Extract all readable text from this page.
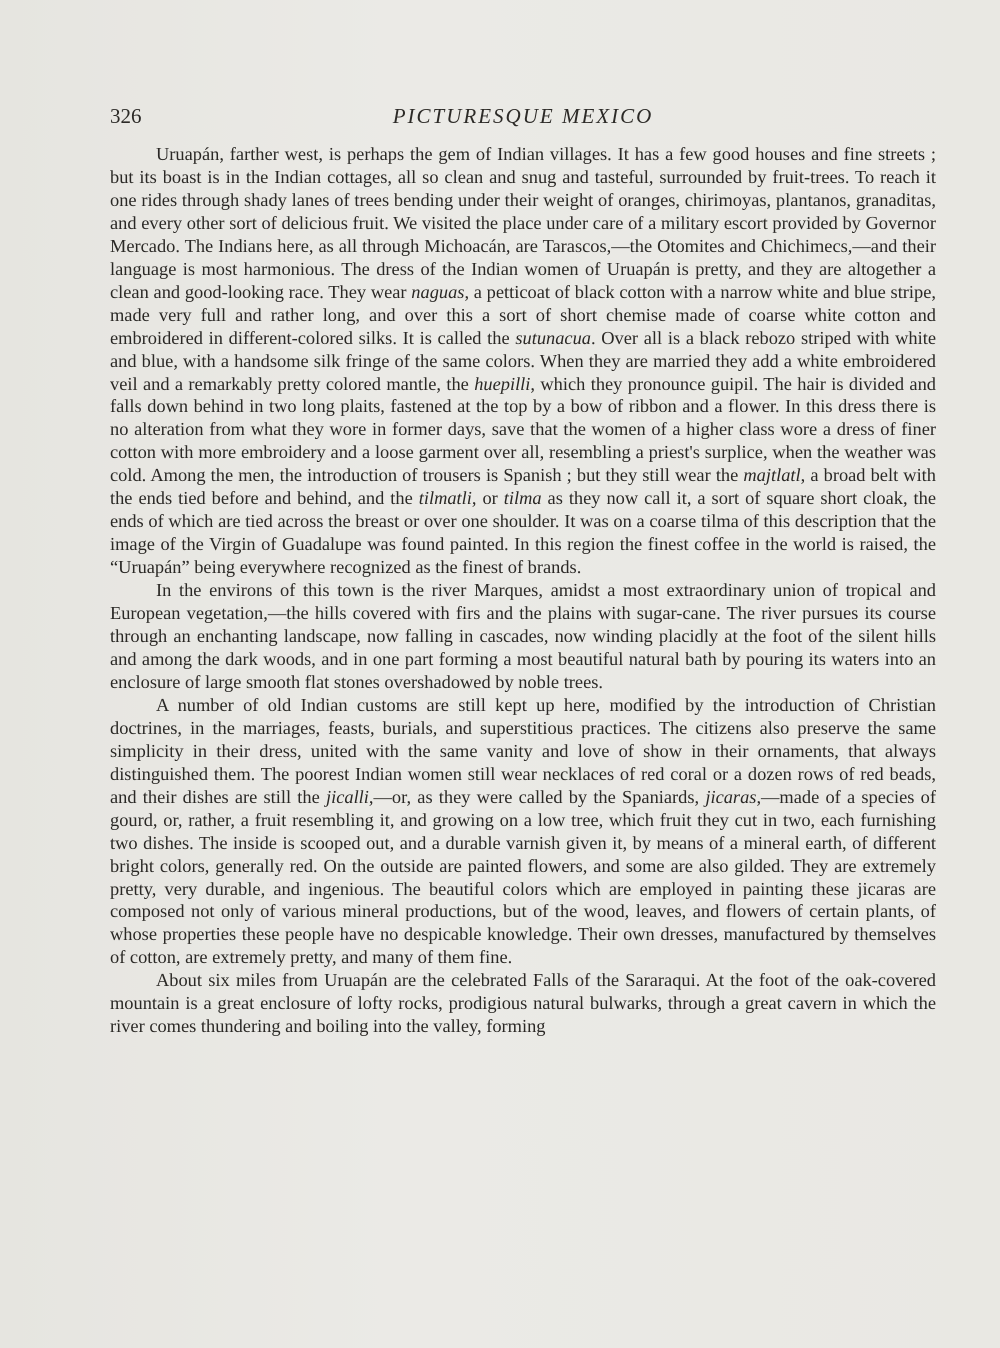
326	PICTURESQUE MEXICO

Uruapán, farther west, is perhaps the gem of Indian villages. It has a few good houses and fine streets ; but its boast is in the Indian cottages, all so clean and snug and tasteful, surrounded by fruit-trees. To reach it one rides through shady lanes of trees bending under their weight of oranges, chirimoyas, plantanos, granaditas, and every other sort of delicious fruit. We visited the place under care of a military escort provided by Governor Mercado. The Indians here, as all through Michoacán, are Tarascos,—the Otomites and Chichimecs,—and their language is most harmonious. The dress of the Indian women of Uruapán is pretty, and they are altogether a clean and good-looking race. They wear naguas, a petticoat of black cotton with a narrow white and blue stripe, made very full and rather long, and over this a sort of short chemise made of coarse white cotton and embroidered in different-colored silks. It is called the sutunacua. Over all is a black rebozo striped with white and blue, with a handsome silk fringe of the same colors. When they are married they add a white embroidered veil and a remarkably pretty colored mantle, the huepilli, which they pronounce guipil. The hair is divided and falls down behind in two long plaits, fastened at the top by a bow of ribbon and a flower. In this dress there is no alteration from what they wore in former days, save that the women of a higher class wore a dress of finer cotton with more embroidery and a loose garment over all, resembling a priest's surplice, when the weather was cold. Among the men, the introduction of trousers is Spanish ; but they still wear the majtlatl, a broad belt with the ends tied before and behind, and the tilmatli, or tilma as they now call it, a sort of square short cloak, the ends of which are tied across the breast or over one shoulder. It was on a coarse tilma of this description that the image of the Virgin of Guadalupe was found painted. In this region the finest coffee in the world is raised, the “Uruapán” being everywhere recognized as the finest of brands.

In the environs of this town is the river Marques, amidst a most extraordinary union of tropical and European vegetation,—the hills covered with firs and the plains with sugar-cane. The river pursues its course through an enchanting landscape, now falling in cascades, now winding placidly at the foot of the silent hills and among the dark woods, and in one part forming a most beautiful natural bath by pouring its waters into an enclosure of large smooth flat stones overshadowed by noble trees.

A number of old Indian customs are still kept up here, modified by the introduction of Christian doctrines, in the marriages, feasts, burials, and superstitious practices. The citizens also preserve the same simplicity in their dress, united with the same vanity and love of show in their ornaments, that always distinguished them. The poorest Indian women still wear necklaces of red coral or a dozen rows of red beads, and their dishes are still the jicalli,—or, as they were called by the Spaniards, jicaras,—made of a species of gourd, or, rather, a fruit resembling it, and growing on a low tree, which fruit they cut in two, each furnishing two dishes. The inside is scooped out, and a durable varnish given it, by means of a mineral earth, of different bright colors, generally red. On the outside are painted flowers, and some are also gilded. They are extremely pretty, very durable, and ingenious. The beautiful colors which are employed in painting these jicaras are composed not only of various mineral productions, but of the wood, leaves, and flowers of certain plants, of whose properties these people have no despicable knowledge. Their own dresses, manufactured by themselves of cotton, are extremely pretty, and many of them fine.

About six miles from Uruapán are the celebrated Falls of the Sararaqui. At the foot of the oak-covered mountain is a great enclosure of lofty rocks, prodigious natural bulwarks, through a great cavern in which the river comes thundering and boiling into the valley, forming
